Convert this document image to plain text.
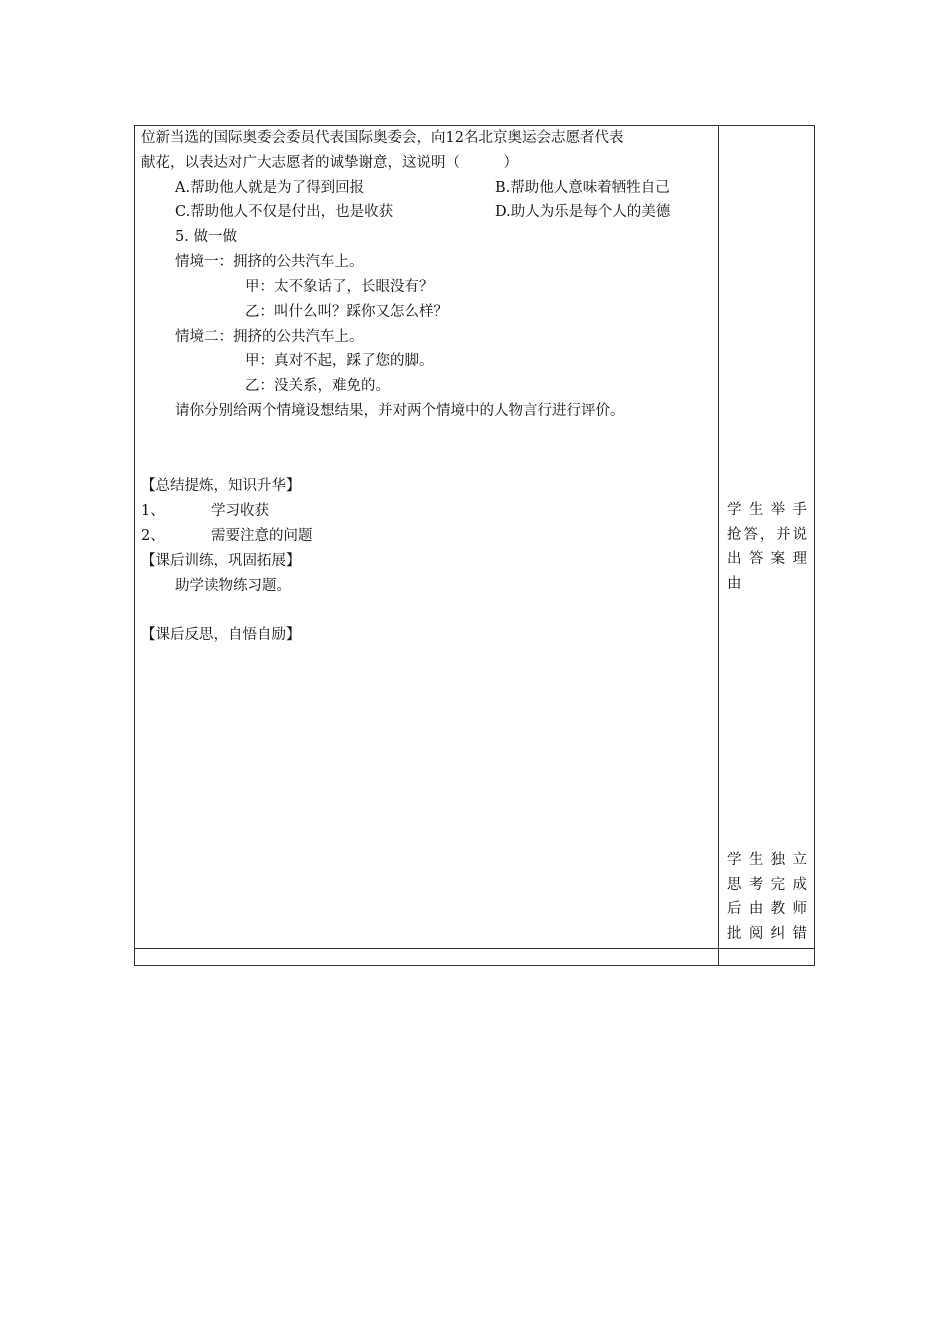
位新当选的国际奥委会委员代表国际奥委会，向12名北京奥运会志愿者代表
献花，以表达对广大志愿者的诚挚谢意，这说明（　　　）
A.帮助他人就是为了得到回报	B.帮助他人意味着牺牲自己
C.帮助他人不仅是付出，也是收获	D.助人为乐是每个人的美德
5. 做一做
情境一：拥挤的公共汽车上。
甲：太不象话了，长眼没有？
乙：叫什么叫？踩你又怎么样？
情境二：拥挤的公共汽车上。
甲：真对不起，踩了您的脚。
乙：没关系，难免的。
请你分别给两个情境设想结果，并对两个情境中的人物言行进行评价。
【总结提炼，知识升华】
1、	学习收获
2、	需要注意的问题
【课后训练，巩固拓展】
助学读物练习题。
【课后反思，自悟自励】
学生举手
抢答，并说
出答案理
由
学生独立
思考完成
后由教师
批阅纠错
